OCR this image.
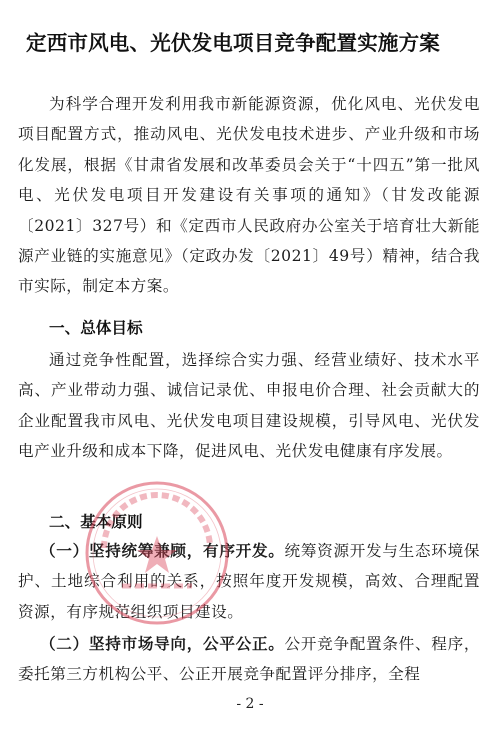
定西市风电、光伏发电项目竞争配置实施方案
为科学合理开发利用我市新能源资源，优化风电、光伏发电项目配置方式，推动风电、光伏发电技术进步、产业升级和市场化发展，根据《甘肃省发展和改革委员会关于“十四五”第一批风电、光伏发电项目开发建设有关事项的通知》（甘发改能源〔2021〕327号）和《定西市人民政府办公室关于培育壮大新能源产业链的实施意见》（定政办发〔2021〕49号）精神，结合我市实际，制定本方案。
一、总体目标
通过竞争性配置，选择综合实力强、经营业绩好、技术水平高、产业带动力强、诚信记录优、申报电价合理、社会贡献大的企业配置我市风电、光伏发电项目建设规模，引导风电、光伏发电产业升级和成本下降，促进风电、光伏发电健康有序发展。
二、基本原则
（一）坚持统筹兼顾，有序开发。统筹资源开发与生态环境保护、土地综合利用的关系，按照年度开发规模，高效、合理配置资源，有序规范组织项目建设。
（二）坚持市场导向，公平公正。公开竞争配置条件、程序，委托第三方机构公平、公正开展竞争配置评分排序，全程
- 2 -
